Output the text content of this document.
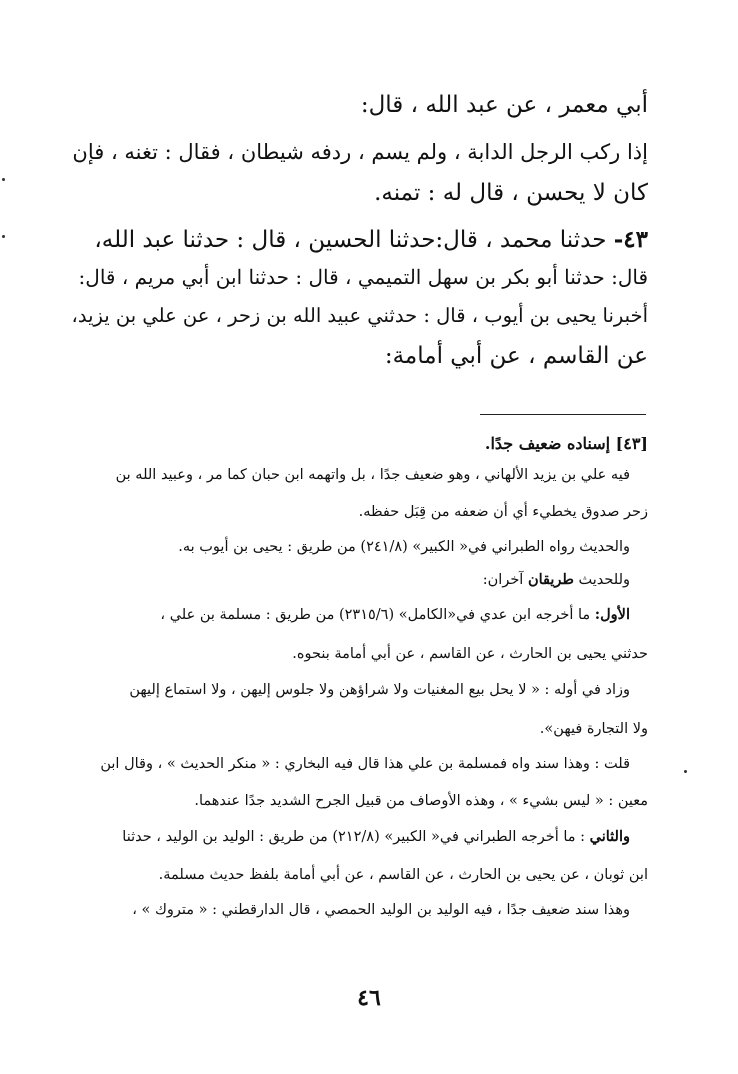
أبي معمر ، عن عبد الله ، قال:
إذا ركب الرجل الدابة ، ولم يسم ، ردفه شيطان ، فقال : تغنه ، فإن
كان لا يحسن ، قال له : تمنه.
٤٣- حدثنا محمد ، قال:حدثنا الحسين ، قال : حدثنا عبد الله،
قال: حدثنا أبو بكر بن سهل التميمي ، قال : حدثنا ابن أبي مريم ، قال:
أخبرنا يحيى بن أيوب ، قال : حدثني عبيد الله بن زحر ، عن علي بن يزيد،
عن القاسم ، عن أبي أمامة:
[٤٣] إسناده ضعيف جدًا.
فيه علي بن يزيد الألهاني ، وهو ضعيف جدًا ، بل واتهمه ابن حبان كما مر ، وعبيد الله بن
زحر صدوق يخطيء أي أن ضعفه من قِبَل حفظه.
والحديث رواه الطبراني في« الكبير» (٢٤١/٨) من طريق : يحيى بن أيوب به.
وللحديث طريقان آخران:
الأول: ما أخرجه ابن عدي في«الكامل» (٢٣١٥/٦) من طريق : مسلمة بن علي ،
حدثني يحيى بن الحارث ، عن القاسم ، عن أبي أمامة بنحوه.
وزاد في أوله : « لا يحل بيع المغنيات ولا شراؤهن ولا جلوس إليهن ، ولا استماع إليهن
ولا التجارة فيهن».
قلت : وهذا سند واه فمسلمة بن علي هذا قال فيه البخاري : « منكر الحديث » ، وقال ابن
معين : « ليس بشيء » ، وهذه الأوصاف من قبيل الجرح الشديد جدًا عندهما.
والثاني : ما أخرجه الطبراني في« الكبير» (٢١٢/٨) من طريق : الوليد بن الوليد ، حدثنا
ابن ثوبان ، عن يحيى بن الحارث ، عن القاسم ، عن أبي أمامة بلفظ حديث مسلمة.
وهذا سند ضعيف جدًا ، فيه الوليد بن الوليد الحمصي ، قال الدارقطني : « متروك » ،
٤٦
